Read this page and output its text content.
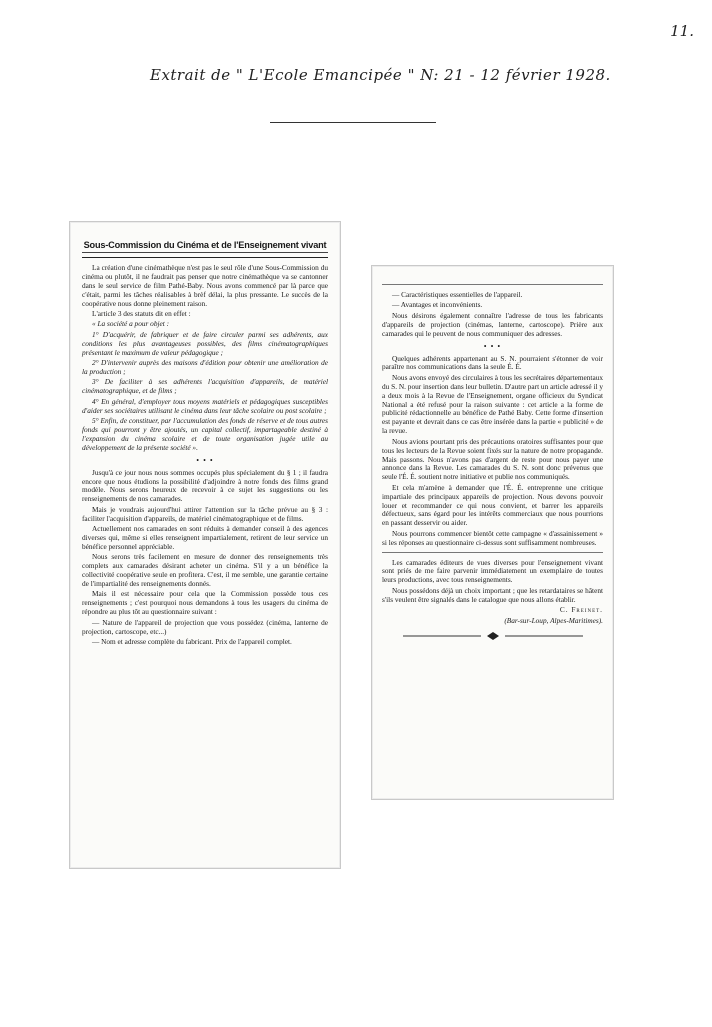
11.
Extrait de " L'Ecole Emancipée " N: 21 - 12 février 1928.
Sous-Commission du Cinéma et de l'Enseignement vivant

La création d'une cinémathèque n'est pas le seul rôle d'une Sous-Commission du cinéma ou plutôt, il ne faudrait pas penser que notre cinémathèque va se cantonner dans le seul service de film Pathé-Baby. Nous avons commencé par là parce que c'était, parmi les tâches réalisables à brèf délai, la plus pressante. Le succès de la coopérative nous donne pleinement raison.

L'article 3 des statuts dit en effet :

« La société a pour objet :

1° D'acquérir, de fabriquer et de faire circuler parmi ses adhérents, aux conditions les plus avantageuses possibles, des films cinématographiques présentant le maximum de valeur pédagogique ;

2° D'intervenir auprès des maisons d'édition pour obtenir une amélioration de la production ;

3° De faciliter à ses adhérents l'acquisition d'appareils, de matériel cinématographique, et de films ;

4° En général, d'employer tous moyens matériels et pédagogiques susceptibles d'aider ses sociétaires utilisant le cinéma dans leur tâche scolaire ou post scolaire ;

5° Enfin, de constituer, par l'accumulation des fonds de réserve et de tous autres fonds qui pourront y être ajoutés, un capital collectif, impartageable destiné à l'expansion du cinéma scolaire et de toute organisation jugée utile au développement de la présente société ».

• • •

Jusqu'à ce jour nous nous sommes occupés plus spécialement du § 1 ; il faudra encore que nous étudions la possibilité d'adjoindre à notre fonds des films grand modèle. Nous serons heureux de recevoir à ce sujet les suggestions ou les renseignements de nos camarades.

Mais je voudrais aujourd'hui attirer l'attention sur la tâche prévue au § 3 : faciliter l'acquisition d'appareils, de matériel cinématographique et de films.

Actuellement nos camarades en sont réduits à demander conseil à des agences diverses qui, même si elles renseignent impartialement, retirent de leur service un bénéfice personnel appréciable.

Nous serons très facilement en mesure de donner des renseignements très complets aux camarades désirant acheter un cinéma. S'il y a un bénéfice la collectivité coopérative seule en profitera. C'est, il me semble, une garantie certaine de l'impartialité des renseignements donnés.

Mais il est nécessaire pour cela que la Commission possède tous ces renseignements ; c'est pourquoi nous demandons à tous les usagers du cinéma de répondre au plus tôt au questionnaire suivant :

— Nature de l'appareil de projection que vous possédez (cinéma, lanterne de projection, cartoscope, etc...)

— Nom et adresse complète du fabricant. Prix de l'appareil complet.

— Caractéristiques essentielles de l'appareil.

— Avantages et inconvénients.

Nous désirons également connaître l'adresse de tous les fabricants d'appareils de projection (cinémas, lanterne, cartoscope). Prière aux camarades qui le peuvent de nous communiquer des adresses.

• • •

Quelques adhérents appartenant au S. N. pourraient s'étonner de voir paraître nos communications dans la seule É. É.

Nous avons envoyé des circulaires à tous les secrétaires départementaux du S. N. pour insertion dans leur bulletin. D'autre part un article adressé il y a deux mois à la Revue de l'Enseignement, organe officieux du Syndicat National a été refusé pour la raison suivante : cet article a la forme de publicité rédactionnelle au bénéfice de Pathé Baby. Cette forme d'insertion est payante et devrait dans ce cas être insérée dans la partie « publicité » de la revue.

Nous avions pourtant pris des précautions oratoires suffisantes pour que tous les lecteurs de la Revue soient fixés sur la nature de notre propagande. Mais passons. Nous n'avons pas d'argent de reste pour nous payer une annonce dans la Revue. Les camarades du S. N. sont donc prévenus que seule l'É. É. soutient notre initiative et publie nos communiqués.

Et cela m'amène à demander que l'É. É. entreprenne une critique impartiale des principaux appareils de projection. Nous devons pouvoir louer et recommander ce qui nous convient, et barrer les appareils défectueux, sans égard pour les intérêts commerciaux que nous pourrions en passant desservir ou aider.

Nous pourrons commencer bientôt cette campagne « d'assainissement » si les réponses au questionnaire ci-dessus sont suffisamment nombreuses.

Les camarades éditeurs de vues diverses pour l'enseignement vivant sont priés de me faire parvenir immédiatement un exemplaire de toutes leurs productions, avec tous renseignements.

Nous possédons déjà un choix important ; que les retardataires se hâtent s'ils veulent être signalés dans le catalogue que nous allons établir.

C. Freinet.

(Bar-sur-Loup, Alpes-Maritimes).
